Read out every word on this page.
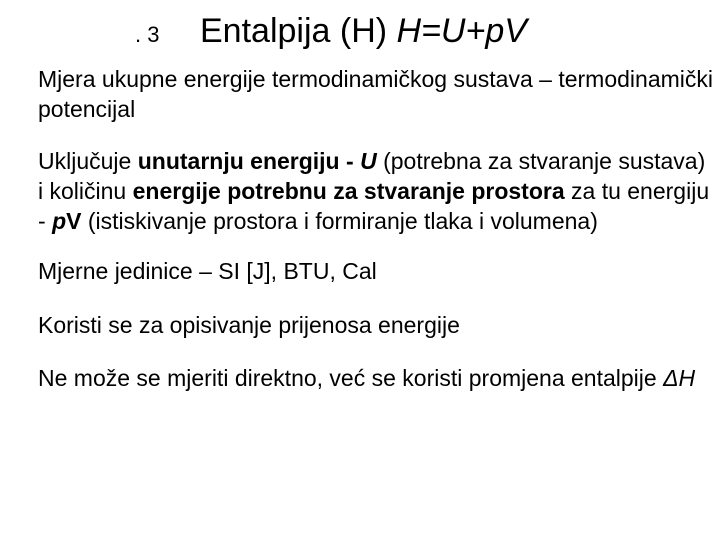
. 3 Entalpija (H) H=U+pV

Mjera ukupne energije termodinamičkog sustava – termodinamički potencijal

Uključuje unutarnju energiju - U (potrebna za stvaranje sustava) i količinu energije potrebnu za stvaranje prostora za tu energiju - pV (istiskivanje prostora i formiranje tlaka i volumena)

Mjerne jedinice – SI [J], BTU, Cal

Koristi se za opisivanje prijenosa energije

Ne može se mjeriti direktno, već se koristi promjena entalpije ΔH
